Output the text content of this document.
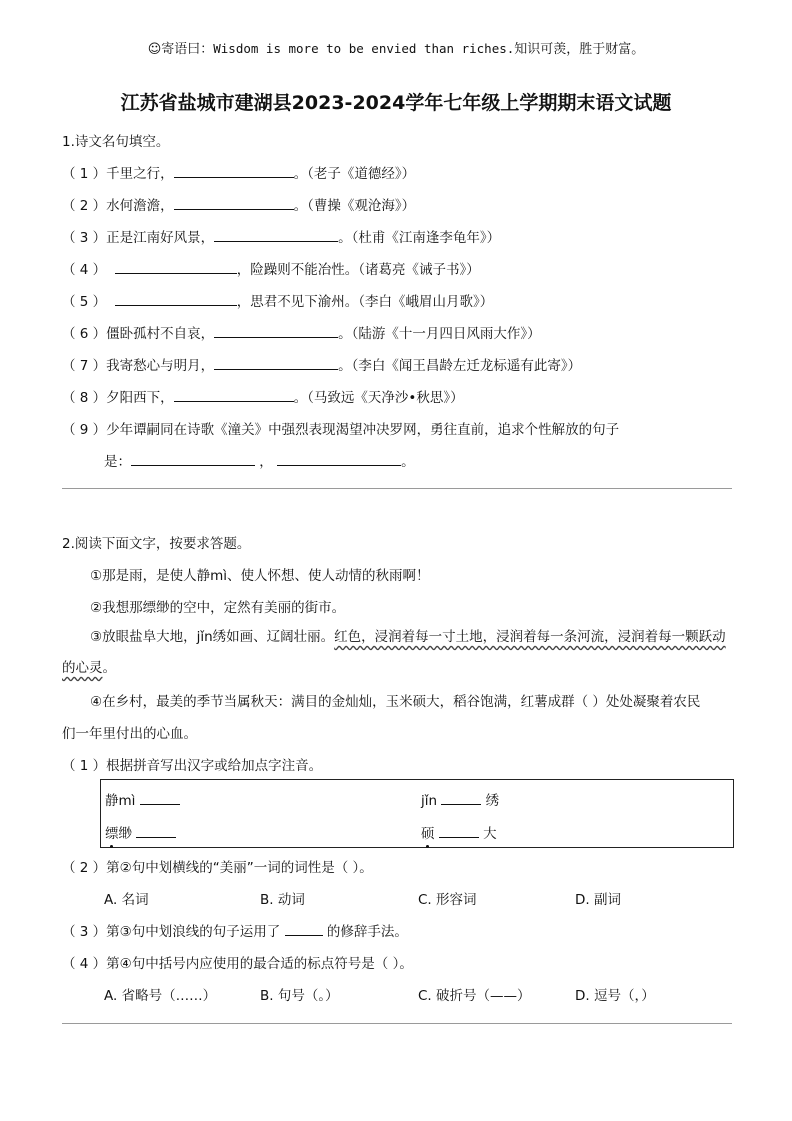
☺寄语曰：Wisdom is more to be envied than riches.知识可羡，胜于财富。
江苏省盐城市建湖县2023-2024学年七年级上学期期末语文试题
1.诗文名句填空。
（ 1 ）千里之行，	。（老子《道德经》）
（ 2 ）水何澹澹，	。（曹操《观沧海》）
（ 3 ）正是江南好风景，	。（杜甫《江南逢李龟年》）
（ 4 ）	，险躁则不能冶性。（诸葛亮《诫子书》）
（ 5 ）	，思君不见下渝州。（李白《峨眉山月歌》）
（ 6 ）僵卧孤村不自哀，	。（陆游《十一月四日风雨大作》）
（ 7 ）我寄愁心与明月，	。（李白《闻王昌龄左迁龙标遥有此寄》）
（ 8 ）夕阳西下，	。（马致远《天净沙•秋思》）
（ 9 ）少年谭嗣同在诗歌《潼关》中强烈表现渴望冲决罗网，勇往直前，追求个性解放的句子
是：	，	。
2.阅读下面文字，按要求答题。
①那是雨，是使人静mì、使人怀想、使人动情的秋雨啊！
②我想那缥缈的空中，定然有美丽的街市。
③放眼盐阜大地，jǐn绣如画、辽阔壮丽。红色，浸润着每一寸土地，浸润着每一条河流，浸润着每一颗跃动的心灵。
④在乡村，最美的季节当属秋天：满目的金灿灿，玉米硕大，稻谷饱满，红薯成群（ ）处处凝聚着农民
们一年里付出的心血。
（ 1 ）根据拼音写出汉字或给加点字注音。
静mì	jǐn	绣
缥缈	硕	大
（ 2 ）第②句中划横线的“美丽”一词的词性是（ ）。
A. 名词	B. 动词	C. 形容词	D. 副词
（ 3 ）第③句中划浪线的句子运用了	的修辞手法。
（ 4 ）第④句中括号内应使用的最合适的标点符号是（ ）。
A. 省略号（……）	B. 句号（。）	C. 破折号（——）	D. 逗号（，）
